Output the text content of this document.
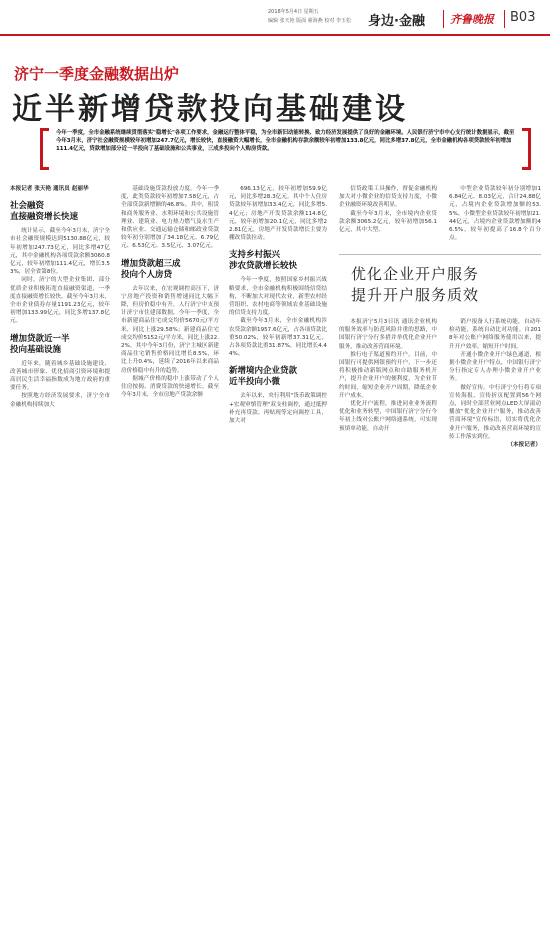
2018年5月4日 星期五
编辑 张天艳 版面 翟海燕 校对 李玉松 身边·金融 齐鲁晚报 B03
济宁一季度金融数据出炉
近半新增贷款投向基础建设
今年一季度，全市金融系统继续贯彻落实"稳增长"各项工作要求，金融运行整体平稳，为全市新旧动能转换、致力经济发展提供了良好的金融环境。人民银行济宁市中心支行统计数据显示，截至今年3月末，济宁社会融资规模较年初增加247.7亿元，增长较快，直接融资大幅增长，全市金融机构存款余额较年初增加133.8亿元，同比多增37.8亿元，全市金融机构各项贷款较年初增加111.4亿元，贷款增加部分近一半投向了基础设施和公共事业，三成多投向个人购房贷款。

本报记者 张天艳 通讯员 赵丽华

社会融资
直接融资增长快速

统计显示，截至今年3月末，济宁全市社会融资规模达到5130.88亿元，较年初增加247.73亿元，同比多增47亿元，其中金融机构各项贷款余额3060.8亿元，较年初增加111.4亿元，增长3.53%，居全省第8位。

同时，济宁的大型企业集团、部分优质企业积极拓宽直接融资渠道，一季度直接融资增长较快。截至今年3月末，全市企业债券存量1191.23亿元，较年初增加133.99亿元，同比多增137.8亿元。

增加贷款近一半
投向基础设施

近年来，随着城乡基础设施建设、改善城市形象、优化招商引资环境和提高居民生活幸福指数成为地方政府的重要任务。

按照地方经济发展要求，济宁全市金融机构持续加大

基础设施贷款投放力度。今年一季度，此类贷款较年初增加7.58亿元，占全部贷款新增额的46.8%。其中，租赁和商务服务业、水利环境和公共设施管理业、建筑业、电力热力燃气及水生产和供应业、交通运输仓储和邮政业贷款较年初分别增加了34.18亿元、6.79亿元、6.53亿元、3.5亿元、3.07亿元。

增加贷款超三成
投向个人房贷

去年以来，在宏观调控高压下，济宁房地产投资和销售增速同比大幅下降，但房价稳中有升，人行济宁中支预计济宁市住建部数据，今年一季度，全市新建商品住宅成交均价5670元/平方米，同比上涨29.58%；新建商品住宅成交均价5152元/平方米，同比上涨22.2%，其中今年3月份，济宁主城区新建商品住宅销售价格同比增长8.5%，环比上升0.4%，延续了2016年以来商品房价格稳中有升的趋势。

据城产价格的稳中上涨带动了个人住房按揭、消费贷款的快速增长。截至今年3月末，全市房地产贷款余额

696.13亿元，较年初增加59.9亿元，同比多增28.3亿元。其中个人住房贷款较年初增加33.4亿元，同比多增5.4亿元；房地产开发贷款余额114.8亿元，较年初增加20.1亿元，同比多增22.81亿元，房地产开发贷款增长主要为棚改贷款拉动。

支持乡村振兴
涉农贷款增长较快

今年一季度，按照国家乡村振兴战略要求，全市金融机构积极围绕信贷结构，不断加大对现代农业、新型农村经营组织、农村电商等领域农业基础设施的信贷支持力度。

截至今年3月末，全市金融机构涉农贷款余额1957.6亿元，占各项贷款比重50.02%，较年初新增37.31亿元，占各项贷款比重31.87%，同比增长4.44%。

新增境内企业贷款
近半投向小微

去年以来，央行利用"货币政策调控+宏观审慎管理"双支柱调控，通过抵押补充再贷款、再贴现等定向调控工具，加大对

信贷政策工具操作，督促金融机构加大对小微企业的信贷支持力度，小微企业融资环境改善明显。

截至今年3月末，全市境内企业贷款余额3065.2亿元，较年初增加56.1亿元，其中大型、

中型企业贷款较年初分别增加16.84亿元、8.03亿元，合计24.88亿元，占境内企业贷款增加额的53.5%，小微型企业贷款较年初增加21.44亿元，占境内企业贷款增加额的46.5%，较年初提高了16.8个百分点。

优化企业开户服务
提升开户服务质效

本报济宁5月3日讯 通讯企业机构的服务效率与防范风险并重的思路，中国银行济宁分行多措并举优化企业开户服务，推动改善营商环境。

推行电子渠道预约开户。目前，中国银行可提供网银预约开户，下一步还将积极推动新版网点和自助服务机开户，提升企业开户的便利度，为企业节约时间，缩短企业开户周期，降低企业开户成本。

优化开户流程，推进同业业务流程优化和业务转型，中国银行济宁分行今年初上线对公账户网络通系统，可实现预填单功能，自动开

销户报备人行系统功能，自动年检功能，系统自动比对功能。自2018年对公账户网络服务使用以来，提升开户效率，缩短开户时间。

开通小微企业开户绿色通道，根据小微企业开户特点，中国银行济宁分行指定专人办理小微企业开户业务。

做好宣传。中行济宁分行将专项宣传海报、宣传折页配置到56个网点，同时全部营业网点LED大屏滚动播放"优化企业开户服务，推动改善营商环境"宣传标语，切实将优化企业开户服务，推动改善营商环境的宣传工作落实到位。

（本报记者）
